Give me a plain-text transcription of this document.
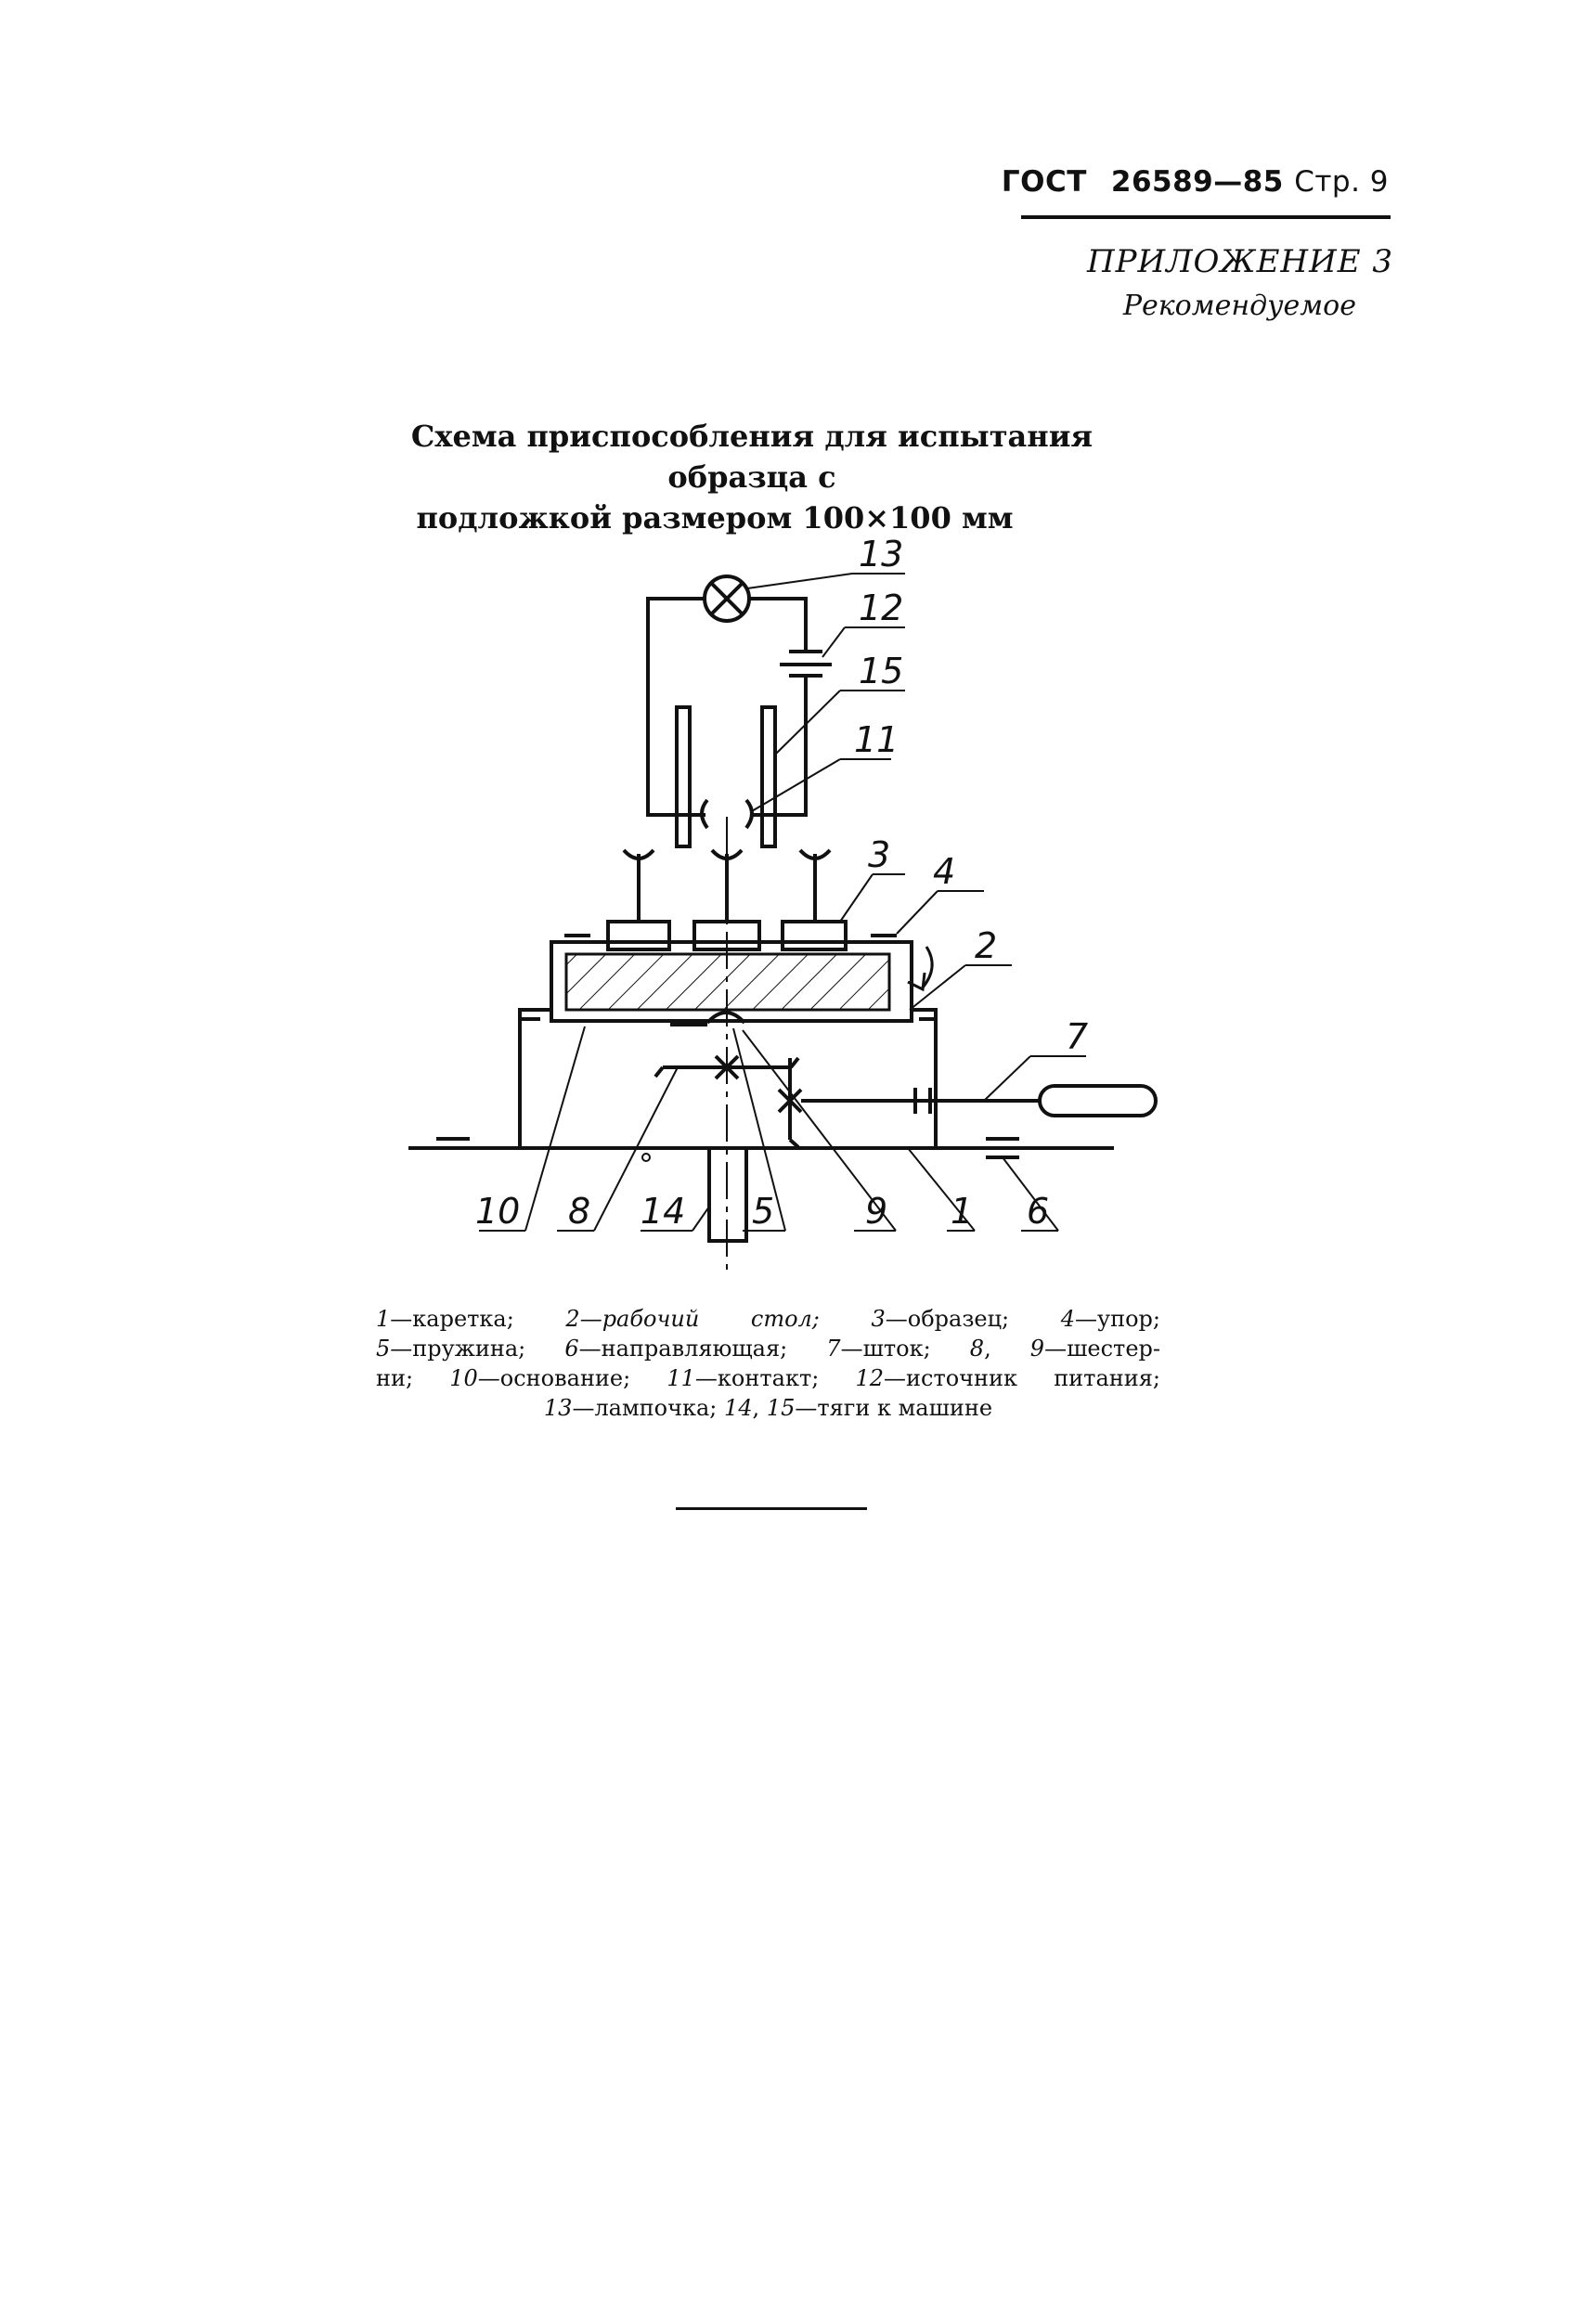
ГОСТ 26589—85 Стр. 9
ПРИЛОЖЕНИЕ 3
Рекомендуемое
Схема приспособления для испытания образца с
подложкой размером 100×100 мм
13
12
15
11
3 4
2
7
10 8 14 5	9 1 6
1—каретка; 2—рабочий стол; 3—образец; 4—упор;
5—пружина; 6—направляющая; 7—шток; 8, 9—шестер-
ни; 10—основание; 11—контакт; 12—источник питания;
13—лампочка; 14, 15—тяги к машине
